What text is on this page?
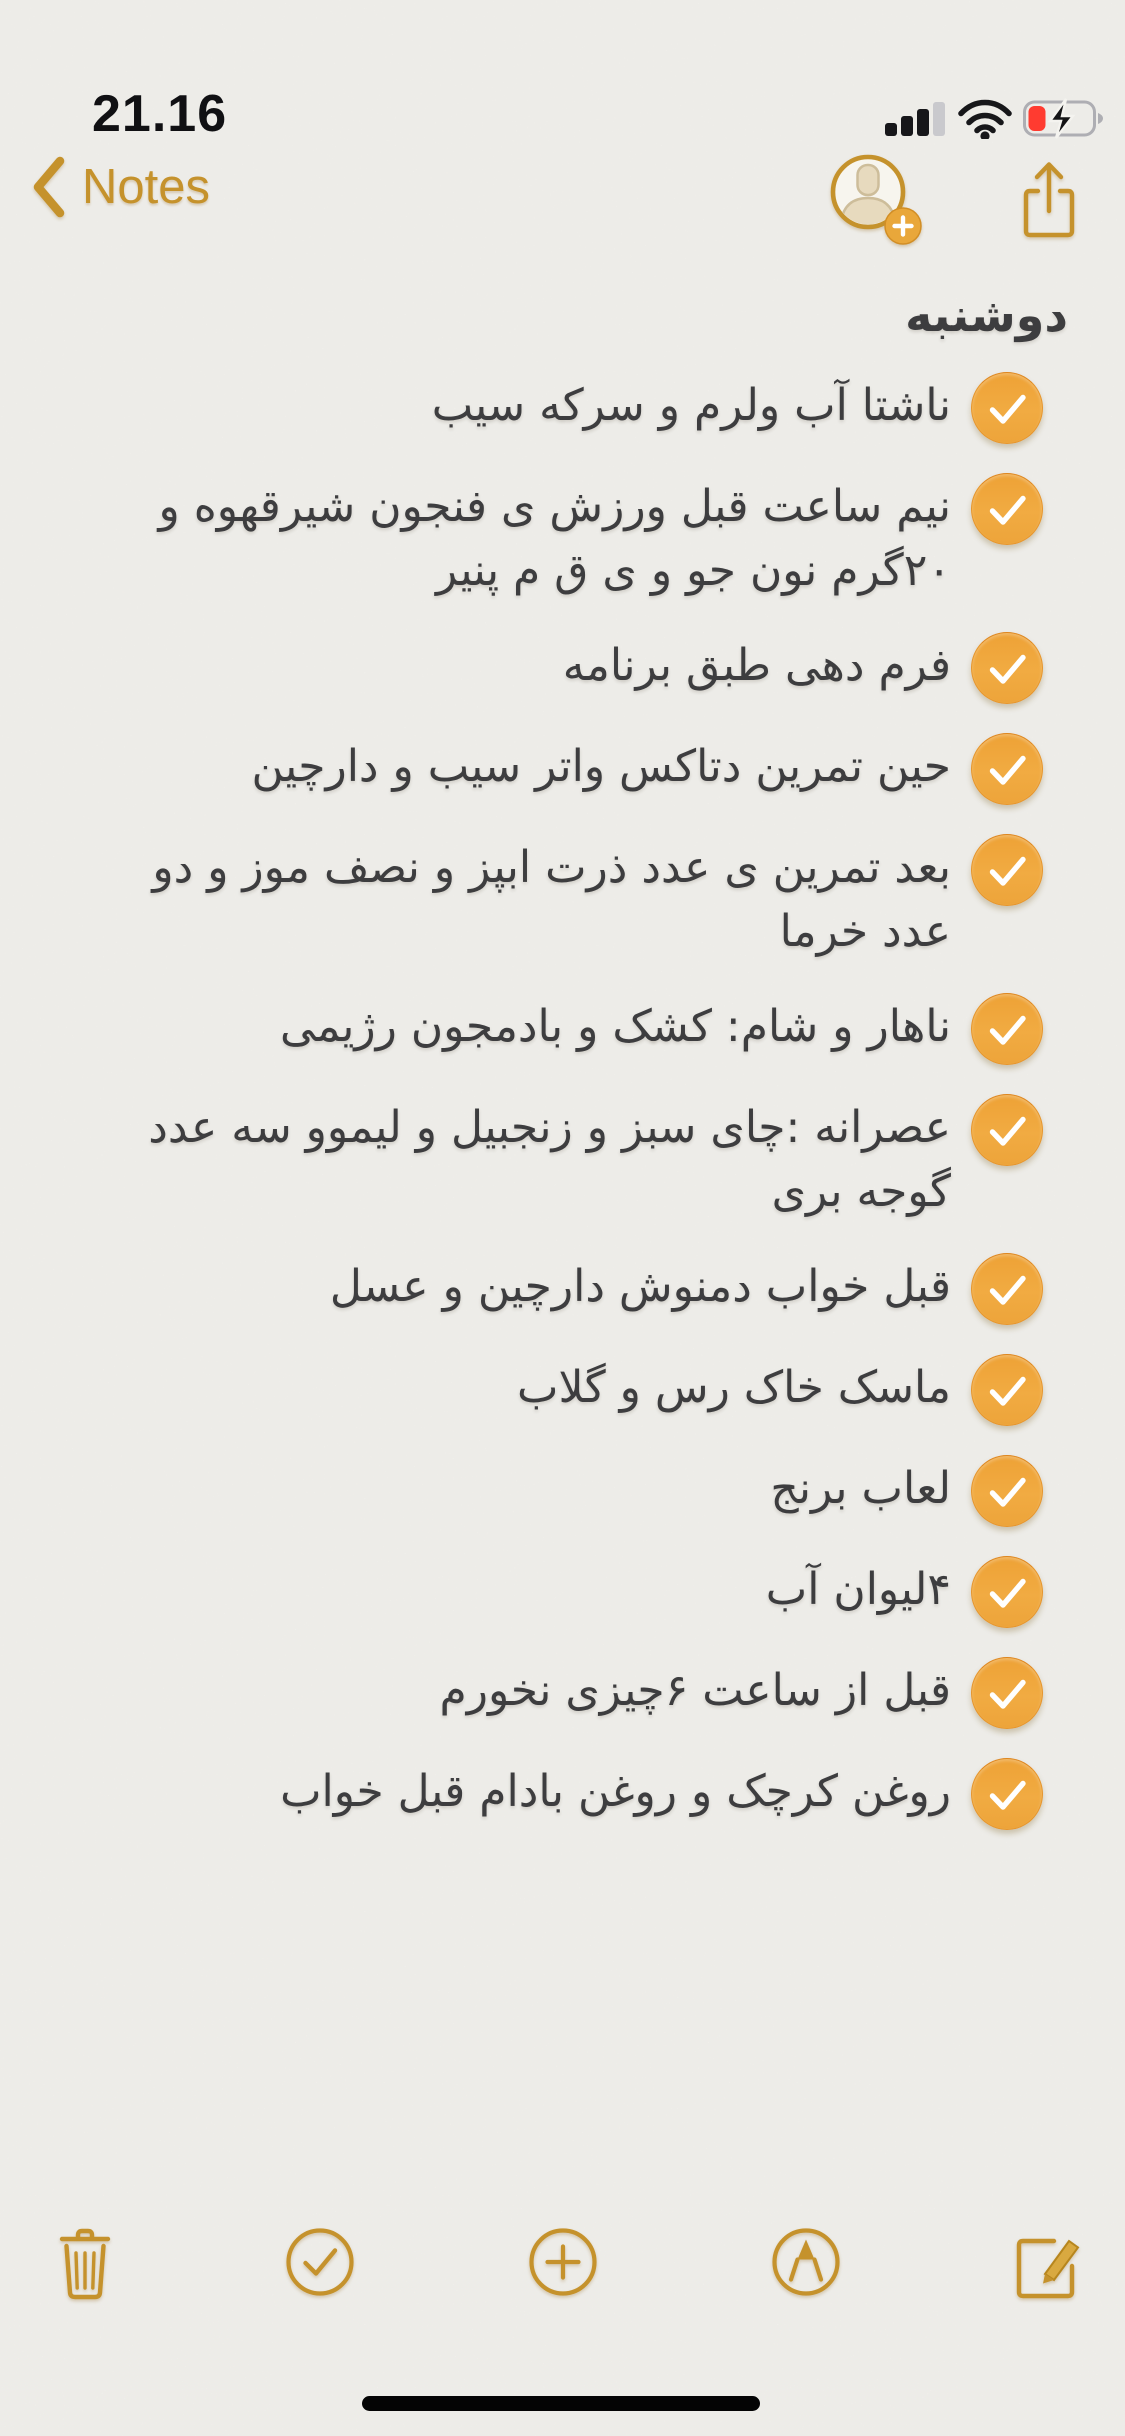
21.16
Notes
دوشنبه
ناشتا آب ولرم و سرکه سیب
نیم ساعت قبل ورزش ی فنجون شیرقهوه و ۲۰گرم نون جو و ی ق م پنیر
فرم دهی طبق برنامه
حین تمرین دتاکس واتر سیب و دارچین
بعد تمرین ی عدد ذرت ابپز و نصف موز و دو عدد خرما
ناهار و شام: کشک و بادمجون رژیمی
عصرانه :چای سبز و زنجبیل و لیموو سه عدد گوجه بری
قبل خواب دمنوش دارچین و عسل
ماسک خاک رس و گلاب
لعاب برنج
۴لیوان آب
قبل از ساعت ۶چیزی نخورم
روغن کرچک و روغن بادام قبل خواب
